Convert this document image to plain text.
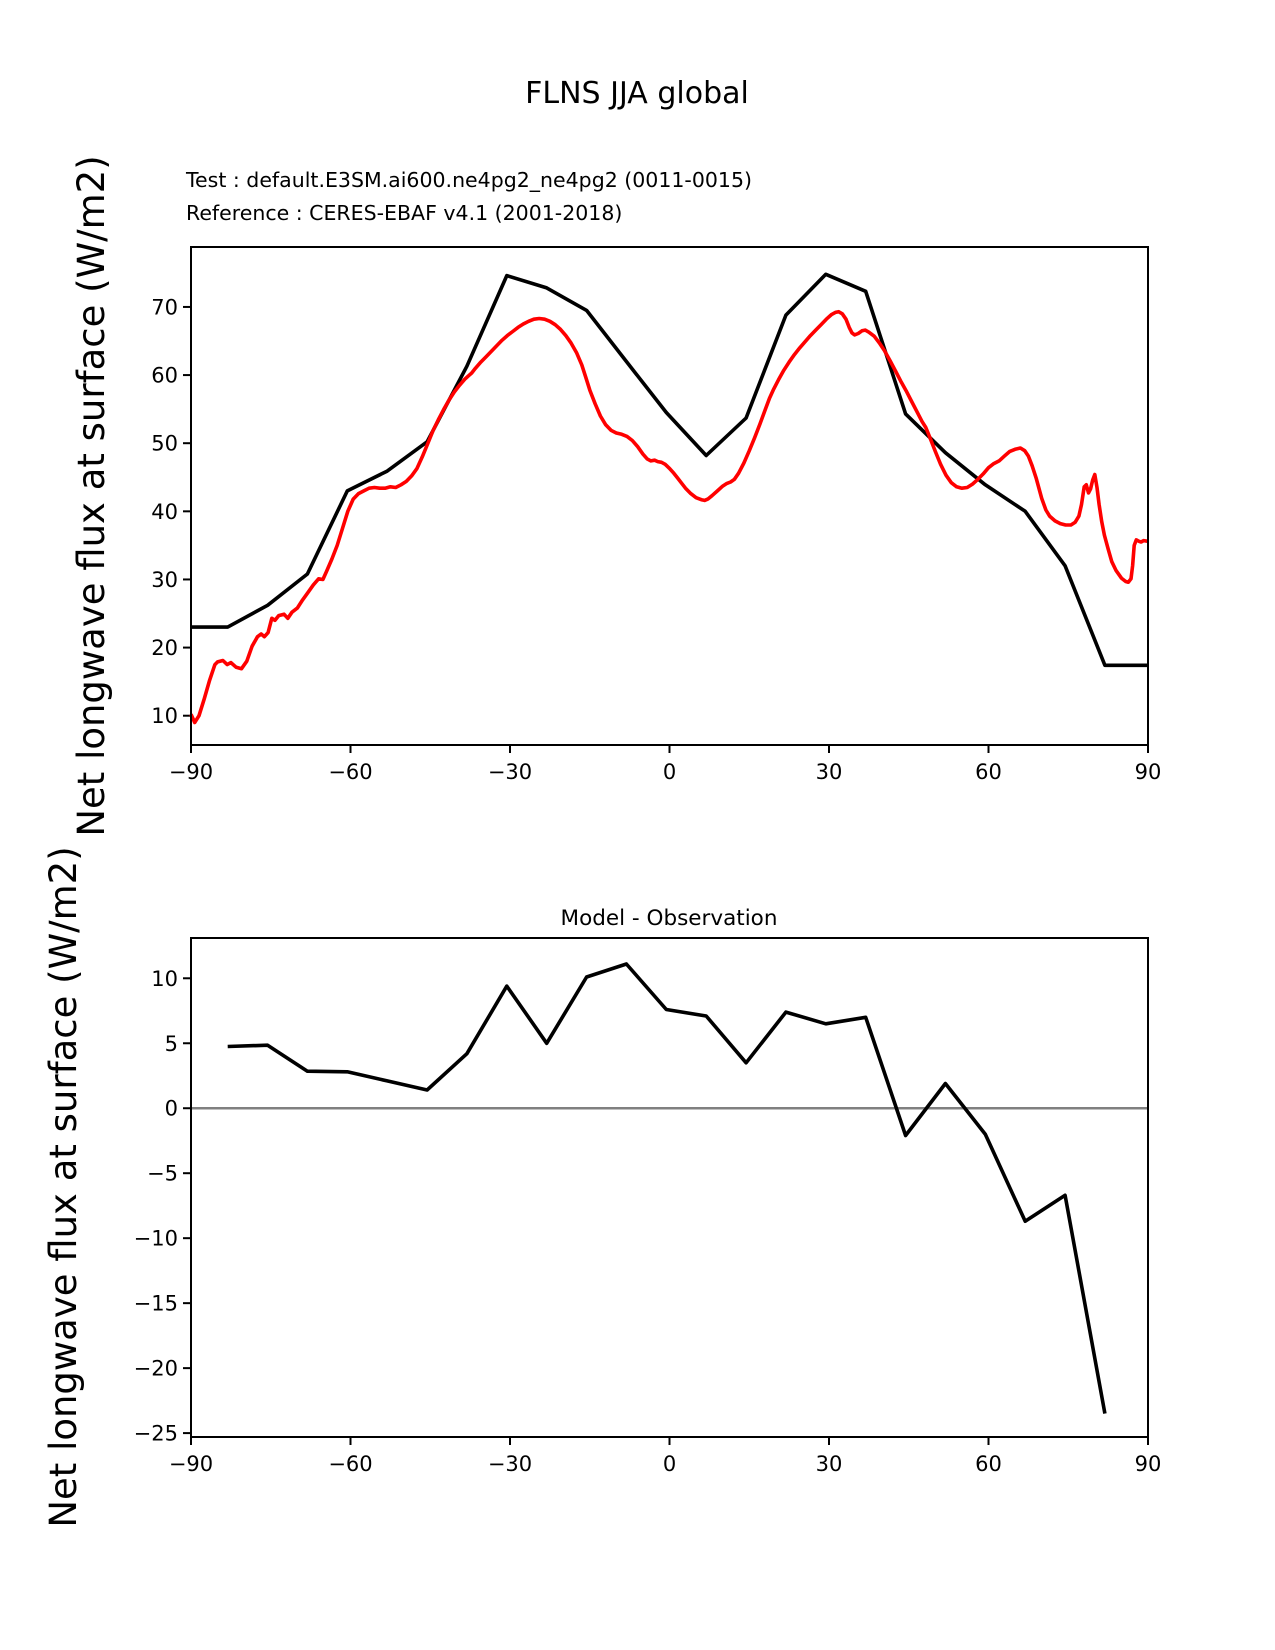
−90	−60	−30	0	30	60	90
10
20
30
40
50
60
70
−90	−60	−30	0	30	60	90
10
5
0
−5
−10
−15
−20
−25
FLNS JJA global
Test : default.E3SM.ai600.ne4pg2_ne4pg2 (0011-0015)
Reference : CERES-EBAF v4.1 (2001-2018)
Net longwave flux at surface (W/m2)
Net longwave flux at surface (W/m2)	Model - Observation
